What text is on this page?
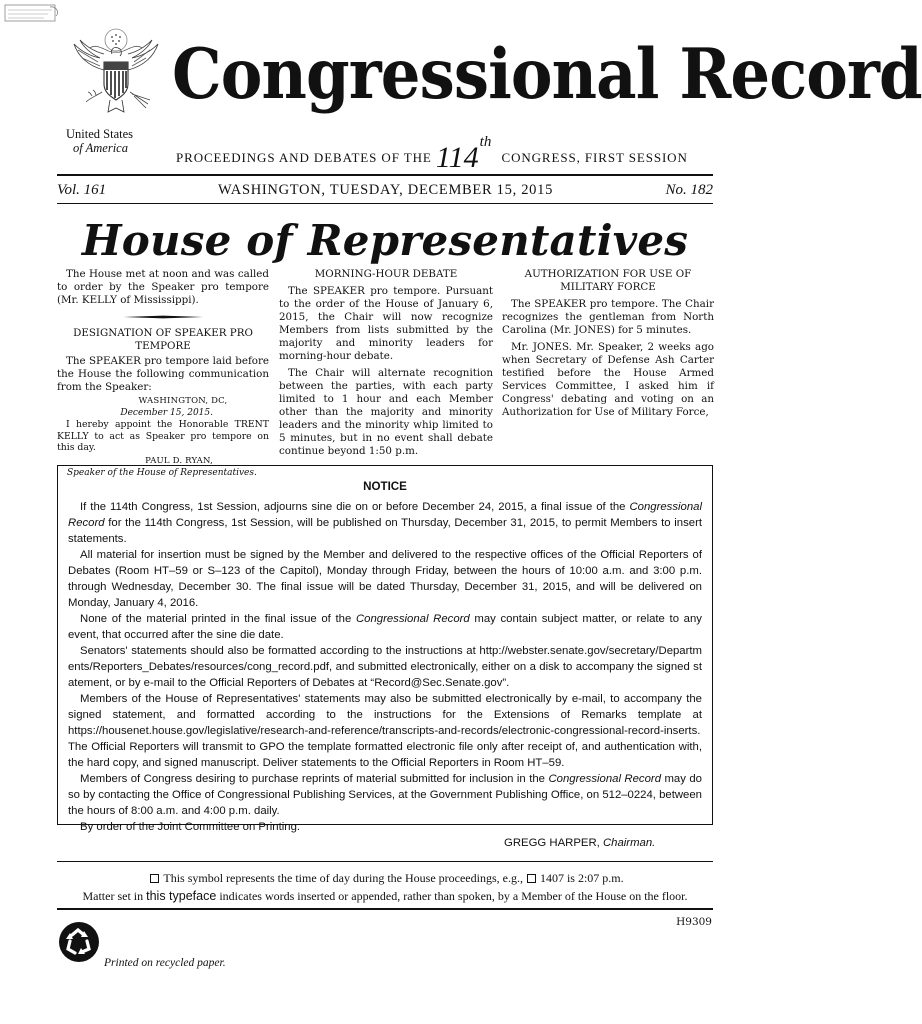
Congressional Record
United States
of America
PROCEEDINGS AND DEBATES OF THE 114th CONGRESS, FIRST SESSION
Vol. 161	WASHINGTON, TUESDAY, DECEMBER 15, 2015	No. 182
House of Representatives

The House met at noon and was called to order by the Speaker pro tempore (Mr. KELLY of Mississippi).

DESIGNATION OF SPEAKER PRO TEMPORE

The SPEAKER pro tempore laid before the House the following communication from the Speaker:

WASHINGTON, DC,

December 15, 2015.

I hereby appoint the Honorable TRENT KELLY to act as Speaker pro tempore on this day.

PAUL D. RYAN,

Speaker of the House of Representatives.

MORNING-HOUR DEBATE

The SPEAKER pro tempore. Pursuant to the order of the House of January 6, 2015, the Chair will now recognize Members from lists submitted by the majority and minority leaders for morning-hour debate.

The Chair will alternate recognition between the parties, with each party limited to 1 hour and each Member other than the majority and minority leaders and the minority whip limited to 5 minutes, but in no event shall debate continue beyond 1:50 p.m.

AUTHORIZATION FOR USE OF MILITARY FORCE

The SPEAKER pro tempore. The Chair recognizes the gentleman from North Carolina (Mr. JONES) for 5 minutes.

Mr. JONES. Mr. Speaker, 2 weeks ago when Secretary of Defense Ash Carter testified before the House Armed Services Committee, I asked him if Congress' debating and voting on an Authorization for Use of Military Force,

NOTICE

If the 114th Congress, 1st Session, adjourns sine die on or before December 24, 2015, a final issue of the Congressional Record for the 114th Congress, 1st Session, will be published on Thursday, December 31, 2015, to permit Members to insert statements.

All material for insertion must be signed by the Member and delivered to the respective offices of the Official Reporters of Debates (Room HT–59 or S–123 of the Capitol), Monday through Friday, between the hours of 10:00 a.m. and 3:00 p.m. through Wednesday, December 30. The final issue will be dated Thursday, December 31, 2015, and will be delivered on Monday, January 4, 2016.

None of the material printed in the final issue of the Congressional Record may contain subject matter, or relate to any event, that occurred after the sine die date.

Senators' statements should also be formatted according to the instructions at http://webster.senate.gov/secretary/Departments/Reporters_Debates/resources/cong_record.pdf, and submitted electronically, either on a disk to accompany the signed statement, or by e-mail to the Official Reporters of Debates at “Record@Sec.Senate.gov”.

Members of the House of Representatives' statements may also be submitted electronically by e-mail, to accompany the signed statement, and formatted according to the instructions for the Extensions of Remarks template at https://housenet.house.gov/legislative/research-and-reference/transcripts-and-records/electronic-congressional-record-inserts. The Official Reporters will transmit to GPO the template formatted electronic file only after receipt of, and authentication with, the hard copy, and signed manuscript. Deliver statements to the Official Reporters in Room HT–59.

Members of Congress desiring to purchase reprints of material submitted for inclusion in the Congressional Record may do so by contacting the Office of Congressional Publishing Services, at the Government Publishing Office, on 512–0224, between the hours of 8:00 a.m. and 4:00 p.m. daily.

By order of the Joint Committee on Printing.

GREGG HARPER, Chairman.

This symbol represents the time of day during the House proceedings, e.g., 1407 is 2:07 p.m.
Matter set in this typeface indicates words inserted or appended, rather than spoken, by a Member of the House on the floor.
H9309
Printed on recycled paper.
